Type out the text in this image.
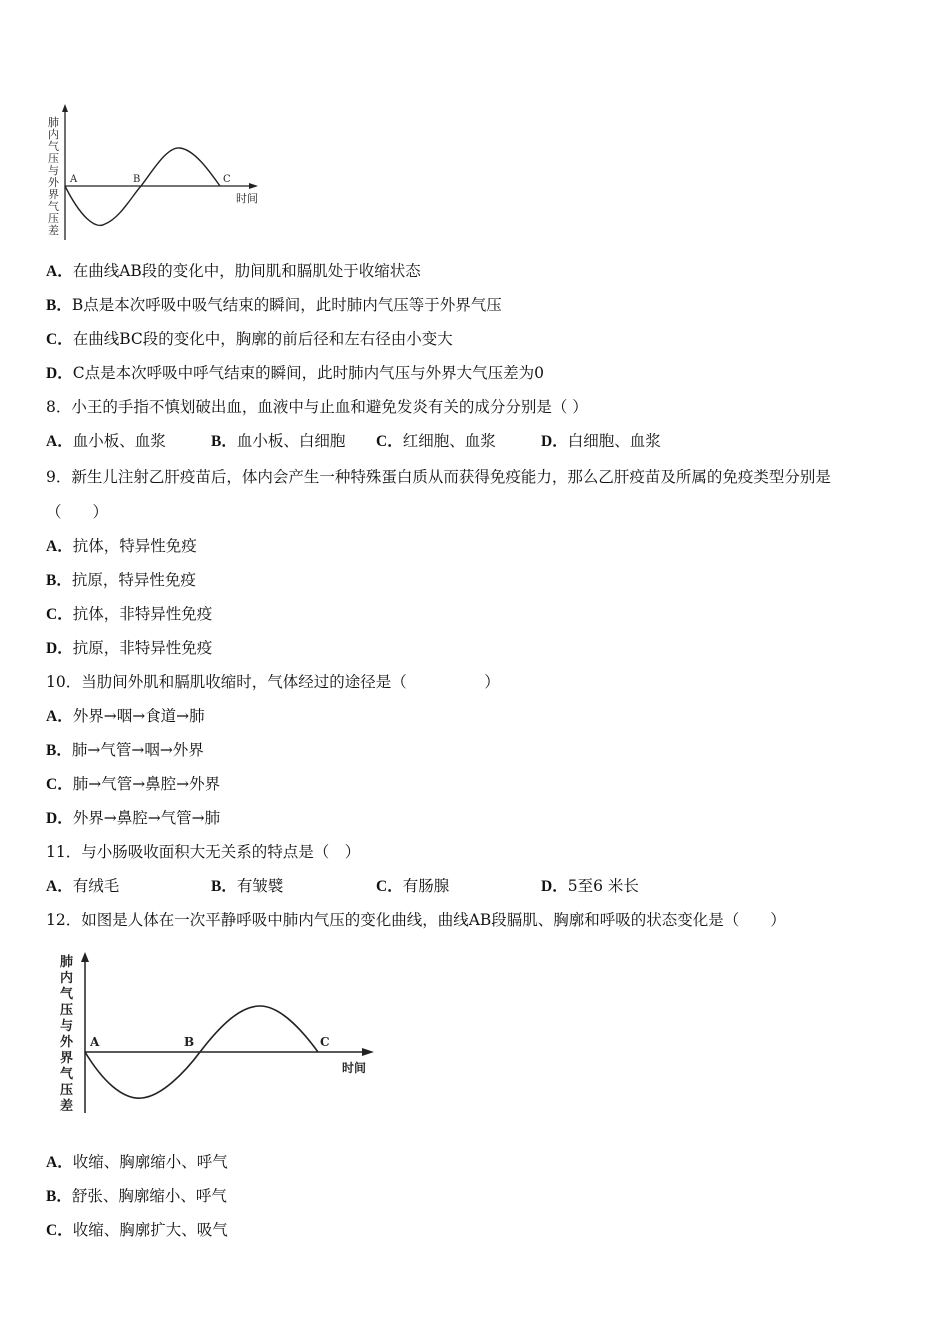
肺
内
气
压
与
外
界
气
压
差
A	B	C
时间
A．在曲线AB段的变化中，肋间肌和膈肌处于收缩状态
B．B点是本次呼吸中吸气结束的瞬间，此时肺内气压等于外界气压
C．在曲线BC段的变化中，胸廓的前后径和左右径由小变大
D．C点是本次呼吸中呼气结束的瞬间，此时肺内气压与外界大气压差为0
8．小王的手指不慎划破出血，血液中与止血和避免发炎有关的成分分别是（ ）
A．血小板、血浆	B．血小板、白细胞 C．红细胞、血浆	D．白细胞、血浆
9．新生儿注射乙肝疫苗后，体内会产生一种特殊蛋白质从而获得免疫能力，那么乙肝疫苗及所属的免疫类型分别是
（　　）
A．抗体，特异性免疫
B．抗原，特异性免疫
C．抗体，非特异性免疫
D．抗原，非特异性免疫
10．当肋间外肌和膈肌收缩时，气体经过的途径是（　　　　　）
A．外界→咽→食道→肺
B．肺→气管→咽→外界
C．肺→气管→鼻腔→外界
D．外界→鼻腔→气管→肺
11．与小肠吸收面积大无关系的特点是（　）
A．有绒毛	B．有皱襞	C．有肠腺	D．5至6 米长
12．如图是人体在一次平静呼吸中肺内气压的变化曲线，曲线AB段膈肌、胸廓和呼吸的状态变化是（　　）
肺
内
气
压
与
外
界
气
压
差
A	B	C
时间
A．收缩、胸廓缩小、呼气
B．舒张、胸廓缩小、呼气
C．收缩、胸廓扩大、吸气
